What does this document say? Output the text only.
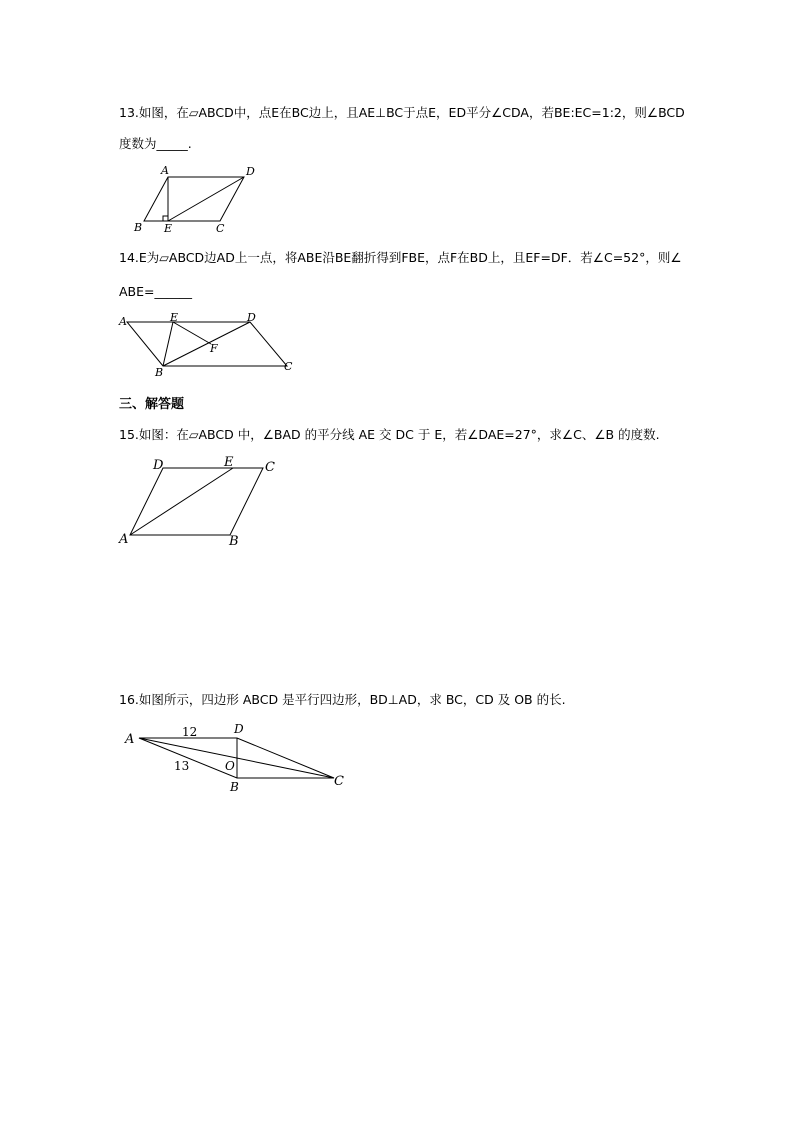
13.如图，在▱ABCD中，点E在BC边上，且AE⊥BC于点E，ED平分∠CDA，若BE:EC=1:2，则∠BCD
度数为_____.
A	D
B E	C
14.E为▱ABCD边AD上一点，将ABE沿BE翻折得到FBE，点F在BD上，且EF=DF．若∠C=52°，则∠
ABE=______
A	E	D
F
B	C
三、解答题
15.如图：在▱ABCD 中，∠BAD 的平分线 AE 交 DC 于 E，若∠DAE=27°，求∠C、∠B 的度数.
D	E C
A	B
16.如图所示，四边形 ABCD 是平行四边形，BD⊥AD，求 BC，CD 及 OB 的长.
A
D
O
B	C
12
13
